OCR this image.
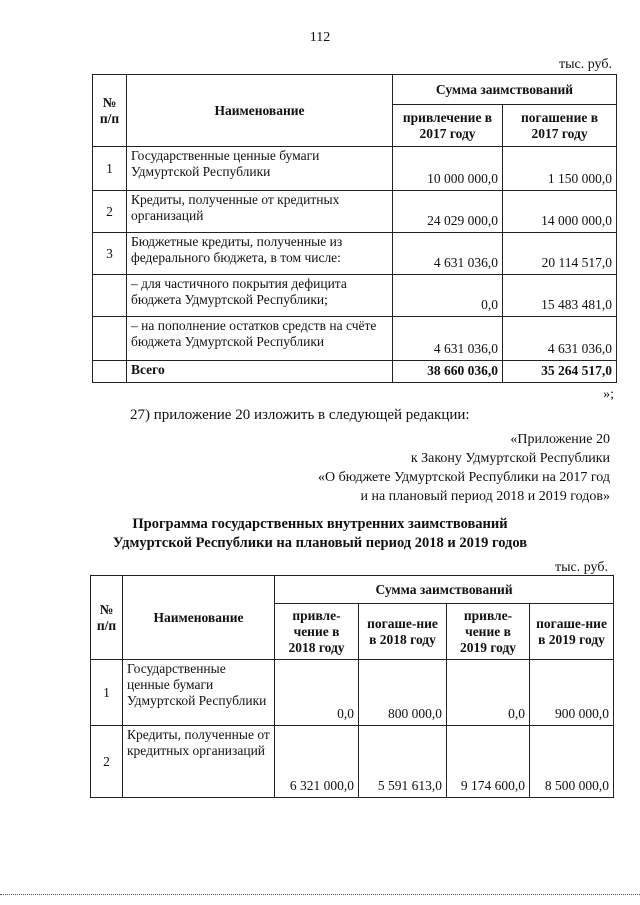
112
тыс. руб.
№ п/п	Наименование	Сумма заимствований	
		привлечение в 2017 году	погашение в 2017 году
1	Государственные ценные бумаги Удмуртской Республики	10 000 000,0	1 150 000,0
2	Кредиты, полученные от кредитных организаций	24 029 000,0	14 000 000,0
3	Бюджетные кредиты, полученные из федерального бюджета, в том числе:	4 631 036,0	20 114 517,0
	– для частичного покрытия дефицита бюджета Удмуртской Республики;	0,0	15 483 481,0
	– на пополнение остатков средств на счёте бюджета Удмуртской Республики	4 631 036,0	4 631 036,0
	Всего	38 660 036,0	35 264 517,0
»;
27) приложение 20 изложить в следующей редакции:
«Приложение 20
к Закону Удмуртской Республики
«О бюджете Удмуртской Республики на 2017 год
и на плановый период 2018 и 2019 годов»
Программа государственных внутренних заимствований
Удмуртской Республики на плановый период 2018 и 2019 годов
тыс. руб.
№ п/п	Наименование	Сумма заимствований			
		привле-чение в 2018 году	погаше-ние в 2018 году	привле-чение в 2019 году	погаше-ние в 2019 году
1	Государственные ценные бумаги Удмуртской Республики	0,0	800 000,0	0,0	900 000,0
2	Кредиты, полученные от кредитных организаций	6 321 000,0	5 591 613,0	9 174 600,0	8 500 000,0
